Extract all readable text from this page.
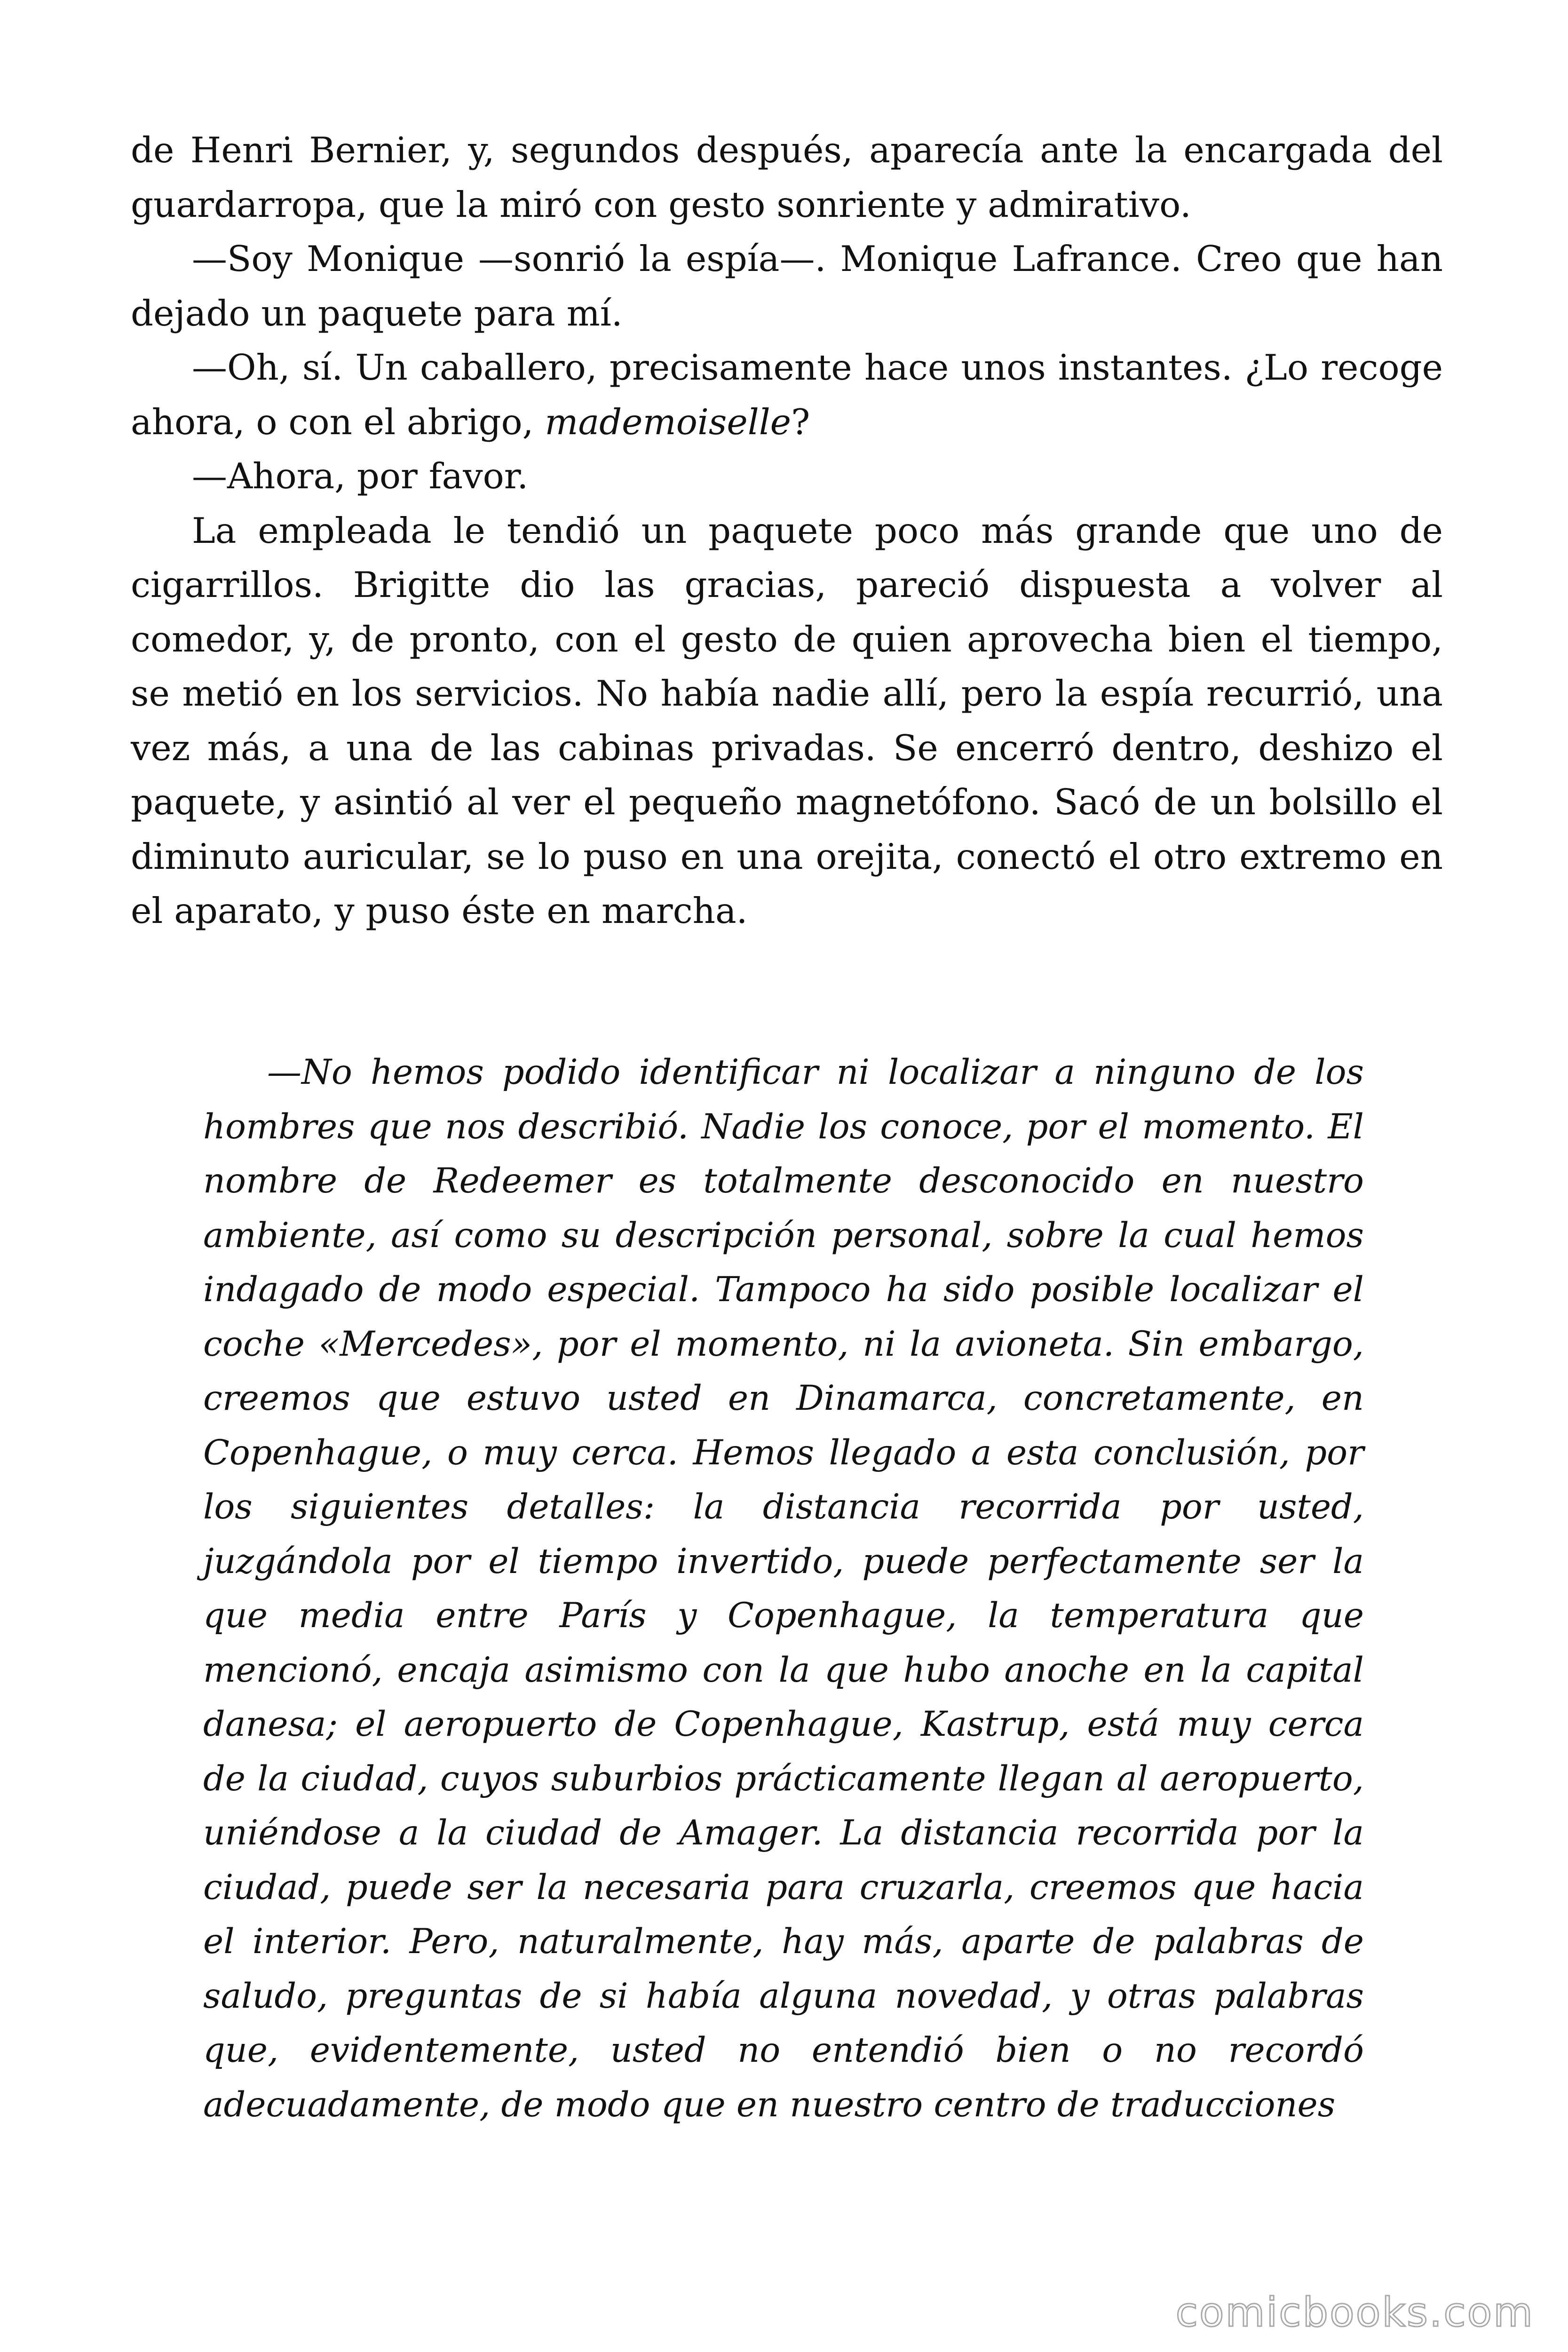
de Henri Bernier, y, segundos después, aparecía ante la encargada del guardarropa, que la miró con gesto sonriente y admirativo.

—Soy Monique —sonrió la espía—. Monique Lafrance. Creo que han dejado un paquete para mí.

—Oh, sí. Un caballero, precisamente hace unos instantes. ¿Lo recoge ahora, o con el abrigo, mademoiselle?

—Ahora, por favor.

La empleada le tendió un paquete poco más grande que uno de cigarrillos. Brigitte dio las gracias, pareció dispuesta a volver al comedor, y, de pronto, con el gesto de quien aprovecha bien el tiempo, se metió en los servicios. No había nadie allí, pero la espía recurrió, una vez más, a una de las cabinas privadas. Se encerró dentro, deshizo el paquete, y asintió al ver el pequeño magnetófono. Sacó de un bolsillo el diminuto auricular, se lo puso en una orejita, conectó el otro extremo en el aparato, y puso éste en marcha.

—No hemos podido identificar ni localizar a ninguno de los hombres que nos describió. Nadie los conoce, por el momento. El nombre de Redeemer es totalmente desconocido en nuestro ambiente, así como su descripción personal, sobre la cual hemos indagado de modo especial. Tampoco ha sido posible localizar el coche «Mercedes», por el momento, ni la avioneta. Sin embargo, creemos que estuvo usted en Dinamarca, concretamente, en Copenhague, o muy cerca. Hemos llegado a esta conclusión, por los siguientes detalles: la distancia recorrida por usted, juzgándola por el tiempo invertido, puede perfectamente ser la que media entre París y Copenhague, la temperatura que mencionó, encaja asimismo con la que hubo anoche en la capital danesa; el aeropuerto de Copenhague, Kastrup, está muy cerca de la ciudad, cuyos suburbios prácticamente llegan al aeropuerto, uniéndose a la ciudad de Amager. La distancia recorrida por la ciudad, puede ser la necesaria para cruzarla, creemos que hacia el interior. Pero, naturalmente, hay más, aparte de palabras de saludo, preguntas de si había alguna novedad, y otras palabras que, evidentemente, usted no entendió bien o no recordó adecuadamente, de modo que en nuestro centro de traducciones

comicbooks.com
